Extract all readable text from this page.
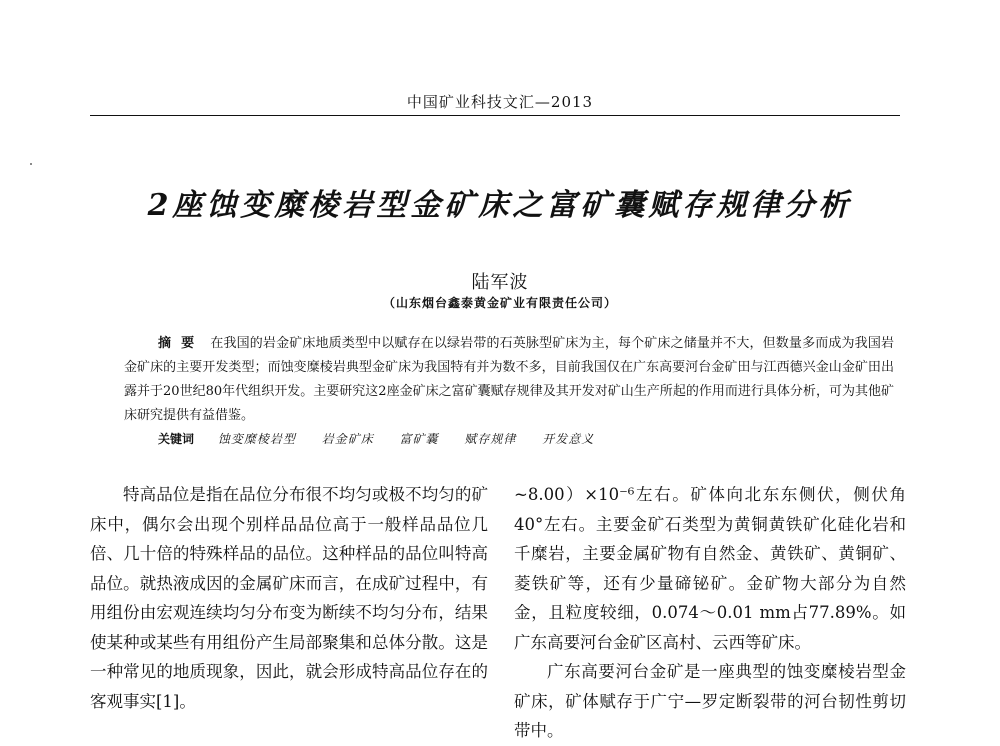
中国矿业科技文汇—2013
2座蚀变糜棱岩型金矿床之富矿囊赋存规律分析
陆军波
（山东烟台鑫泰黄金矿业有限责任公司）

摘要 在我国的岩金矿床地质类型中以赋存在以绿岩带的石英脉型矿床为主，每个矿床之储量并不大，但数量多而成为我国岩金矿床的主要开发类型；而蚀变糜棱岩典型金矿床为我国特有并为数不多，目前我国仅在广东高要河台金矿田与江西德兴金山金矿田出露并于20世纪80年代组织开发。主要研究这2座金矿床之富矿囊赋存规律及其开发对矿山生产所起的作用而进行具体分析，可为其他矿床研究提供有益借鉴。

关键词 蚀变糜棱岩型 岩金矿床 富矿囊 赋存规律 开发意义

特高品位是指在品位分布很不均匀或极不均匀的矿床中，偶尔会出现个别样品品位高于一般样品品位几倍、几十倍的特殊样品的品位。这种样品的品位叫特高品位。就热液成因的金属矿床而言，在成矿过程中，有用组份由宏观连续均匀分布变为断续不均匀分布，结果使某种或某些有用组份产生局部聚集和总体分散。这是一种常见的地质现象，因此，就会形成特高品位存在的客观事实[1]。

~8.00）×10⁻⁶左右。矿体向北东东侧伏，侧伏角40°左右。主要金矿石类型为黄铜黄铁矿化硅化岩和千糜岩，主要金属矿物有自然金、黄铁矿、黄铜矿、菱铁矿等，还有少量碲铋矿。金矿物大部分为自然金，且粒度较细，0.074～0.01 mm占77.89%。如广东高要河台金矿区高村、云西等矿床。

广东高要河台金矿是一座典型的蚀变糜棱岩型金矿床，矿体赋存于广宁—罗定断裂带的河台韧性剪切带中。
